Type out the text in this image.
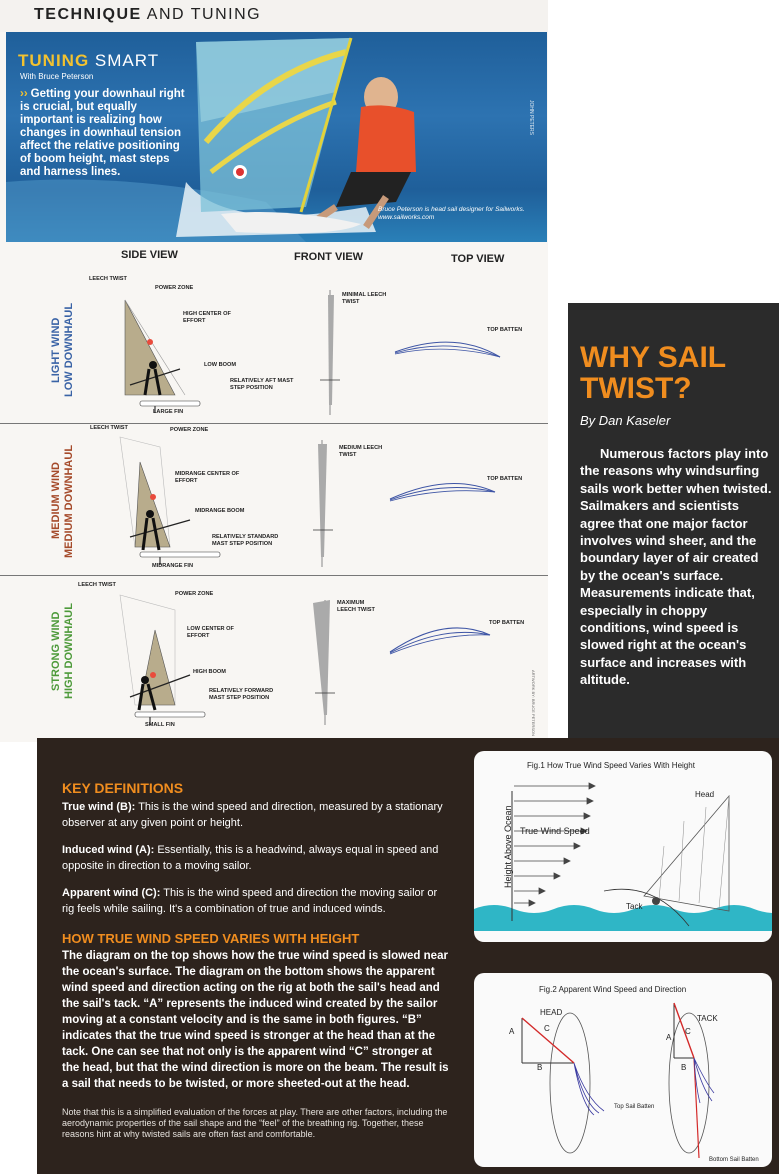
TECHNIQUE AND TUNING
TUNING SMART
With Bruce Peterson
›› Getting your downhaul right is crucial, but equally important is realizing how changes in downhaul tension affect the relative positioning of boom height, mast steps and harness lines.
Bruce Peterson is head sail designer for Sailworks. www.sailworks.com
JOHN PETERS
SIDE VIEW	FRONT VIEW	TOP VIEW
LIGHT WIND
LOW DOWNHAUL
LEECH TWIST
POWER ZONE
HIGH CENTER OF EFFORT
LOW BOOM
RELATIVELY AFT MAST STEP POSITION
LARGE FIN
MINIMAL LEECH TWIST
TOP BATTEN
MEDIUM WIND
MEDIUM DOWNHAUL
LEECH TWIST	POWER ZONE
MIDRANGE CENTER OF EFFORT
MIDRANGE BOOM
RELATIVELY STANDARD MAST STEP POSITION
MIDRANGE FIN
MEDIUM LEECH TWIST
TOP BATTEN
STRONG WIND
HIGH DOWNHAUL
LEECH TWIST
POWER ZONE
LOW CENTER OF EFFORT
HIGH BOOM
RELATIVELY FORWARD MAST STEP POSITION
SMALL FIN
MAXIMUM LEECH TWIST
TOP BATTEN
ARTWORK BY: BRUCE PETERSON
WHY SAIL
TWIST?
By Dan Kaseler
Numerous factors play into the reasons why windsurfing sails work better when twisted. Sailmakers and scientists agree that one major factor involves wind sheer, and the boundary layer of air created by the ocean's surface. Measurements indicate that, especially in choppy conditions, wind speed is slowed right at the ocean's surface and increases with altitude.
KEY DEFINITIONS
True wind (B): This is the wind speed and direction, measured by a stationary observer at any given point or height.
Induced wind (A): Essentially, this is a headwind, always equal in speed and opposite in direction to a moving sailor.
Apparent wind (C): This is the wind speed and direction the moving sailor or rig feels while sailing. It's a combination of true and induced winds.
HOW TRUE WIND SPEED VARIES WITH HEIGHT
The diagram on the top shows how the true wind speed is slowed near the ocean's surface. The diagram on the bottom shows the apparent wind speed and direction acting on the rig at both the sail's head and the sail's tack. “A” represents the induced wind created by the sailor moving at a constant velocity and is the same in both figures. “B” indicates that the true wind speed is stronger at the head than at the tack. One can see that not only is the apparent wind “C” stronger at the head, but that the wind direction is more on the beam. The result is a sail that needs to be twisted, or more sheeted-out at the head.
Note that this is a simplified evaluation of the forces at play. There are other factors, including the aerodynamic properties of the sail shape and the “feel” of the breathing rig. Together, these reasons hint at why twisted sails are often fast and comfortable.
Fig.1 How True Wind Speed Varies With Height
Height Above Ocean True Wind Speed
Head
Tack
Fig.2 Apparent Wind Speed and Direction
HEAD
TACK
A	C
B
A
C
B
Top Sail Batten
Bottom Sail Batten
